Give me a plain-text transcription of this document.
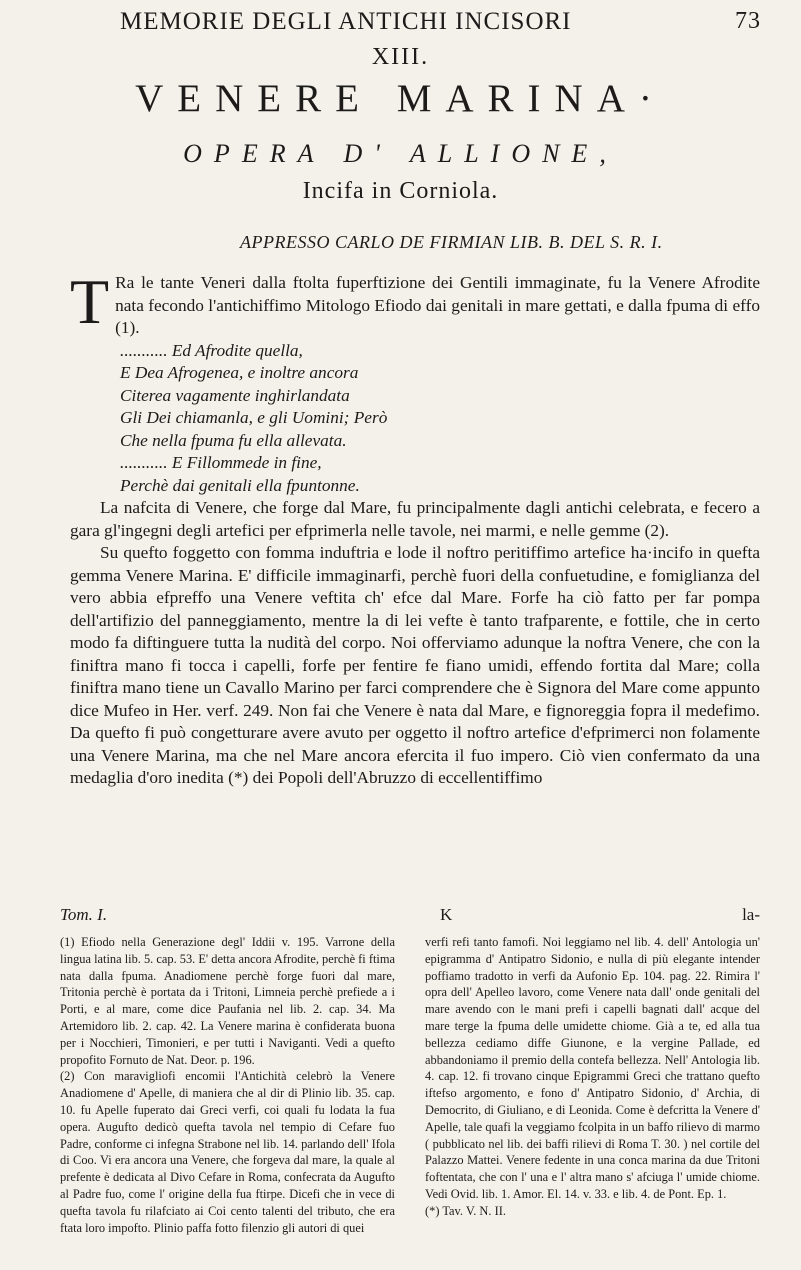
MEMORIE DEGLI ANTICHI INCISORI	73
XIII.
VENERE MARINA·
OPERA D' ALLIONE,
Incifa in Corniola.
APPRESSO CARLO DE FIRMIAN LIB. B. DEL S. R. I.

T Ra le tante Veneri dalla ftolta fuperftizione dei Gentili immaginate, fu la Venere Afrodite nata fecondo l'antichiffimo Mitologo Efiodo dai genitali in mare gettati, e dalla fpuma di effo (1).

........... Ed Afrodite quella,
E Dea Afrogenea, e inoltre ancora
Citerea vagamente inghirlandata
Gli Dei chiamanla, e gli Uomini; Però
Che nella fpuma fu ella allevata.
........... E Fillommede in fine,
Perchè dai genitali ella fpuntonne.

La nafcita di Venere, che forge dal Mare, fu principalmente dagli antichi celebrata, e fecero a gara gl'ingegni degli artefici per efprimerla nelle tavole, nei marmi, e nelle gemme (2).

Su quefto foggetto con fomma induftria e lode il noftro peritiffimo artefice ha·incifo in quefta gemma Venere Marina. E' difficile immaginarfi, perchè fuori della confuetudine, e fomiglianza del vero abbia efpreffo una Venere veftita ch' efce dal Mare. Forfe ha ciò fatto per far pompa dell'artifizio del panneggiamento, mentre la di lei vefte è tanto trafparente, e fottile, che in certo modo fa diftinguere tutta la nudità del corpo. Noi offerviamo adunque la noftra Venere, che con la finiftra mano fi tocca i capelli, forfe per fentire fe fiano umidi, effendo fortita dal Mare; colla finiftra mano tiene un Cavallo Marino per farci comprendere che è Signora del Mare come appunto dice Mufeo in Her. verf. 249. Non fai che Venere è nata dal Mare, e fignoreggia fopra il medefimo. Da quefto fi può congetturare avere avuto per oggetto il noftro artefice d'efprimerci non folamente una Venere Marina, ma che nel Mare ancora efercita il fuo impero. Ciò vien confermato da una medaglia d'oro inedita (*) dei Popoli dell'Abruzzo di eccellentiffimo

Tom. I.	K	la-

(1) Efiodo nella Generazione degl' Iddii v. 195. Varrone della lingua latina lib. 5. cap. 53. E' detta ancora Afrodite, perchè fi ftima nata dalla fpuma. Anadiomene perchè forge fuori dal mare, Tritonia perchè è portata da i Tritoni, Limneia perchè prefiede a i Porti, e al mare, come dice Paufania nel lib. 2. cap. 34. Ma Artemidoro lib. 2. cap. 42. La Venere marina è confiderata buona per i Nocchieri, Timonieri, e per tutti i Naviganti. Vedi a quefto propofito Fornuto de Nat. Deor. p. 196.

(2) Con maravigliofi encomii l'Antichità celebrò la Venere Anadiomene d' Apelle, di maniera che al dir di Plinio lib. 35. cap. 10. fu Apelle fuperato dai Greci verfi, coi quali fu lodata la fua opera. Augufto dedicò quefta tavola nel tempio di Cefare fuo Padre, conforme ci infegna Strabone nel lib. 14. parlando dell' Ifola di Coo. Vi era ancora una Venere, che forgeva dal mare, la quale al prefente è dedicata al Divo Cefare in Roma, confecrata da Augufto al Padre fuo, come l' origine della fua ftirpe. Dicefi che in vece di quefta tavola fu rilafciato ai Coi cento talenti del tributo, che era ftata loro impofto. Plinio paffa fotto filenzio gli autori di quei

verfi refi tanto famofi. Noi leggiamo nel lib. 4. dell' Antologia un' epigramma d' Antipatro Sidonio, e nulla di più elegante intender poffiamo tradotto in verfi da Aufonio Ep. 104. pag. 22. Rimira l' opra dell' Apelleo lavoro, come Venere nata dall' onde genitali del mare avendo con le mani prefi i capelli bagnati dall' acque del mare terge la fpuma delle umidette chiome. Già a te, ed alla tua bellezza cediamo diffe Giunone, e la vergine Pallade, ed abbandoniamo il premio della contefa bellezza. Nell' Antologia lib. 4. cap. 12. fi trovano cinque Epigrammi Greci che trattano quefto iftefso argomento, e fono d' Antipatro Sidonio, d' Archia, di Democrito, di Giuliano, e di Leonida. Come è defcritta la Venere d' Apelle, tale quafi la veggiamo fcolpita in un baffo rilievo di marmo ( pubblicato nel lib. dei baffi rilievi di Roma T. 30. ) nel cortile del Palazzo Mattei. Venere fedente in una conca marina da due Tritoni foftentata, che con l' una e l' altra mano s' afciuga l' umide chiome. Vedi Ovid. lib. 1. Amor. El. 14. v. 33. e lib. 4. de Pont. Ep. 1.

(*) Tav. V. N. II.
